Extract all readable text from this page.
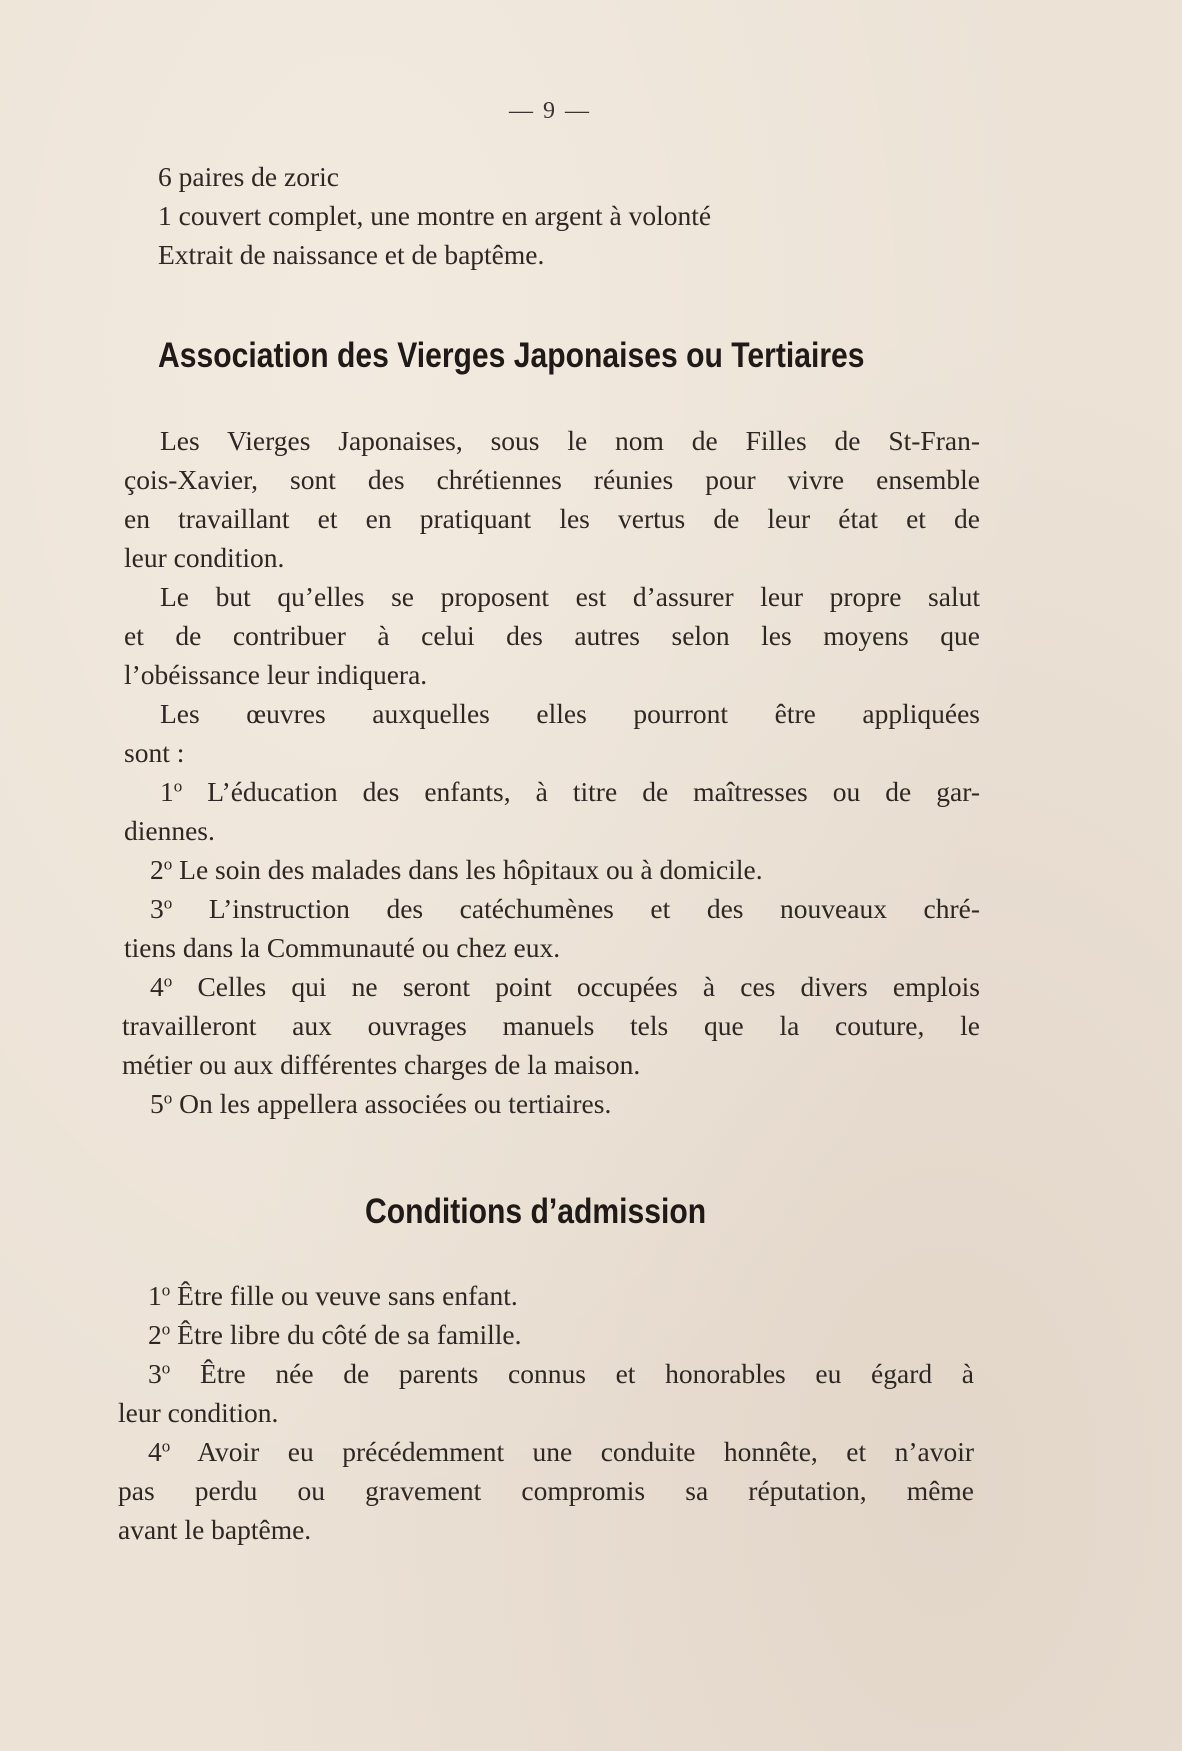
— 9 —
6 paires de zoric
1 couvert complet, une montre en argent à volonté
Extrait de naissance et de baptême.
Association des Vierges Japonaises ou Tertiaires
Les Vierges Japonaises, sous le nom de Filles de St-Fran-
çois-Xavier, sont des chrétiennes réunies pour vivre ensemble
en travaillant et en pratiquant les vertus de leur état et de
leur condition.
Le but qu’elles se proposent est d’assurer leur propre salut
et de contribuer à celui des autres selon les moyens que
l’obéissance leur indiquera.
Les œuvres auxquelles elles pourront être appliquées
sont :
1$^o$ L’éducation des enfants, à titre de maîtresses ou de gar-
diennes.
2$^o$ Le soin des malades dans les hôpitaux ou à domicile.
3$^o$ L’instruction des catéchumènes et des nouveaux chré-
tiens dans la Communauté ou chez eux.
4$^o$ Celles qui ne seront point occupées à ces divers emplois
travailleront aux ouvrages manuels tels que la couture, le
métier ou aux différentes charges de la maison.
5$^o$ On les appellera associées ou tertiaires.
Conditions d’admission
1$^o$ Être fille ou veuve sans enfant.
2$^o$ Être libre du côté de sa famille.
3$^o$ Être née de parents connus et honorables eu égard à
leur condition.
4$^o$ Avoir eu précédemment une conduite honnête, et n’avoir
pas perdu ou gravement compromis sa réputation, même
avant le baptême.
